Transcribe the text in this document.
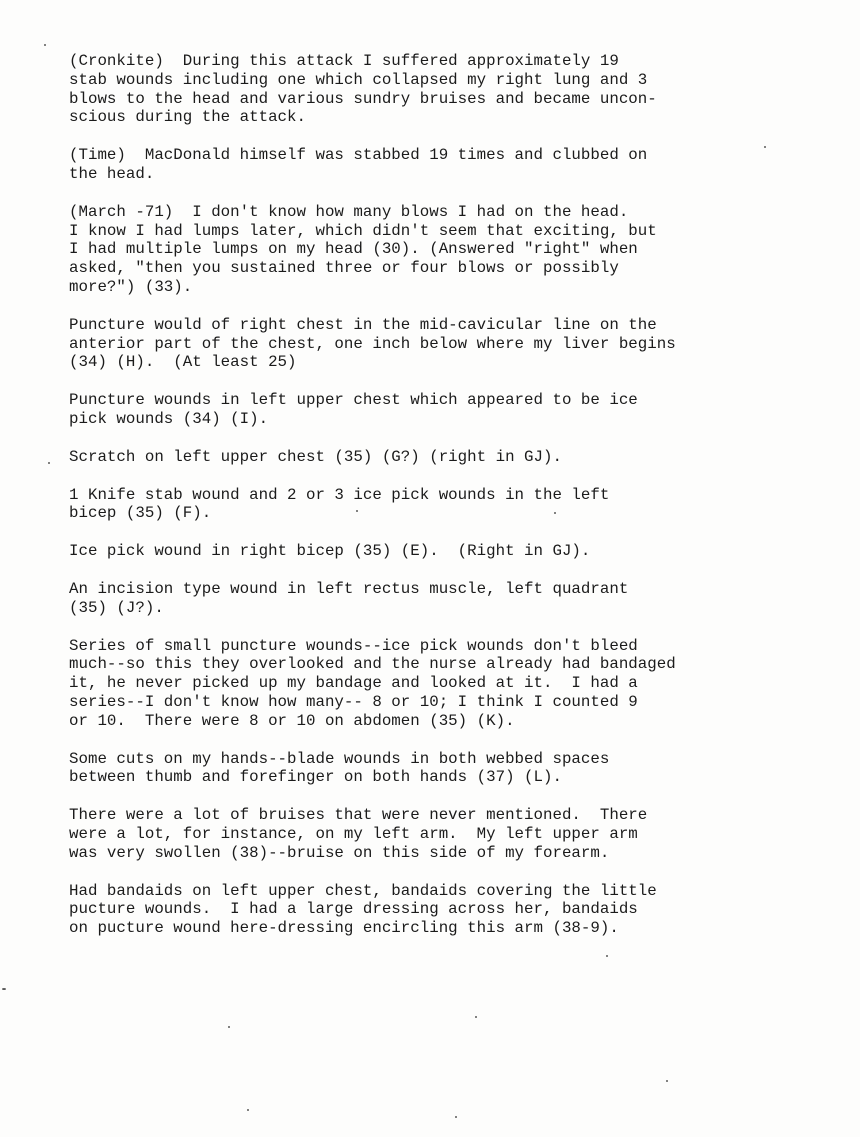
(Cronkite)  During this attack I suffered approximately 19
stab wounds including one which collapsed my right lung and 3
blows to the head and various sundry bruises and became uncon-
scious during the attack.

(Time)  MacDonald himself was stabbed 19 times and clubbed on
the head.

(March -71)  I don't know how many blows I had on the head.
I know I had lumps later, which didn't seem that exciting, but
I had multiple lumps on my head (30). (Answered "right" when
asked, "then you sustained three or four blows or possibly
more?") (33).

Puncture would of right chest in the mid-cavicular line on the
anterior part of the chest, one inch below where my liver begins
(34) (H).  (At least 25)

Puncture wounds in left upper chest which appeared to be ice
pick wounds (34) (I).

Scratch on left upper chest (35) (G?) (right in GJ).

1 Knife stab wound and 2 or 3 ice pick wounds in the left
bicep (35) (F).

Ice pick wound in right bicep (35) (E).  (Right in GJ).

An incision type wound in left rectus muscle, left quadrant
(35) (J?).

Series of small puncture wounds--ice pick wounds don't bleed
much--so this they overlooked and the nurse already had bandaged
it, he never picked up my bandage and looked at it.  I had a
series--I don't know how many-- 8 or 10; I think I counted 9
or 10.  There were 8 or 10 on abdomen (35) (K).

Some cuts on my hands--blade wounds in both webbed spaces
between thumb and forefinger on both hands (37) (L).

There were a lot of bruises that were never mentioned.  There
were a lot, for instance, on my left arm.  My left upper arm
was very swollen (38)--bruise on this side of my forearm.

Had bandaids on left upper chest, bandaids covering the little
pucture wounds.  I had a large dressing across her, bandaids
on pucture wound here-dressing encircling this arm (38-9).
